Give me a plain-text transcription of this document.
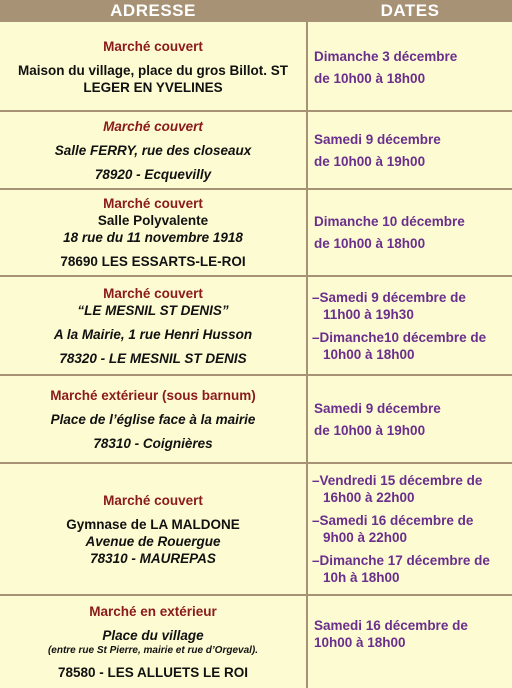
ADRESSE	DATES
Marché couvert
Maison du village, place du gros Billot. ST
LEGER EN YVELINES
Dimanche 3 décembre
de 10h00 à 18h00
Marché couvert
Salle FERRY, rue des closeaux
78920 - Ecquevilly
Samedi 9 décembre
de 10h00 à 19h00
Marché couvert
Salle Polyvalente
18 rue du 11 novembre 1918
78690 LES ESSARTS-LE-ROI
Dimanche 10 décembre
de 10h00 à 18h00
Marché couvert
“LE MESNIL ST DENIS”
A la Mairie, 1 rue Henri Husson
78320 - LE MESNIL ST DENIS
–Samedi 9 décembre de
11h00 à 19h30
–Dimanche10 décembre de
10h00 à 18h00
Marché extérieur (sous barnum)
Place de l’église face à la mairie
78310 - Coignières
Samedi 9 décembre
de 10h00 à 19h00
Marché couvert
Gymnase de LA MALDONE
Avenue de Rouergue
78310 - MAUREPAS
–Vendredi 15 décembre de
16h00 à 22h00
–Samedi 16 décembre de
9h00 à 22h00
–Dimanche 17 décembre de
10h à 18h00
Marché en extérieur
Place du village
(entre rue St Pierre, mairie et rue d’Orgeval).
78580 - LES ALLUETS LE ROI
Samedi 16 décembre de
10h00 à 18h00
